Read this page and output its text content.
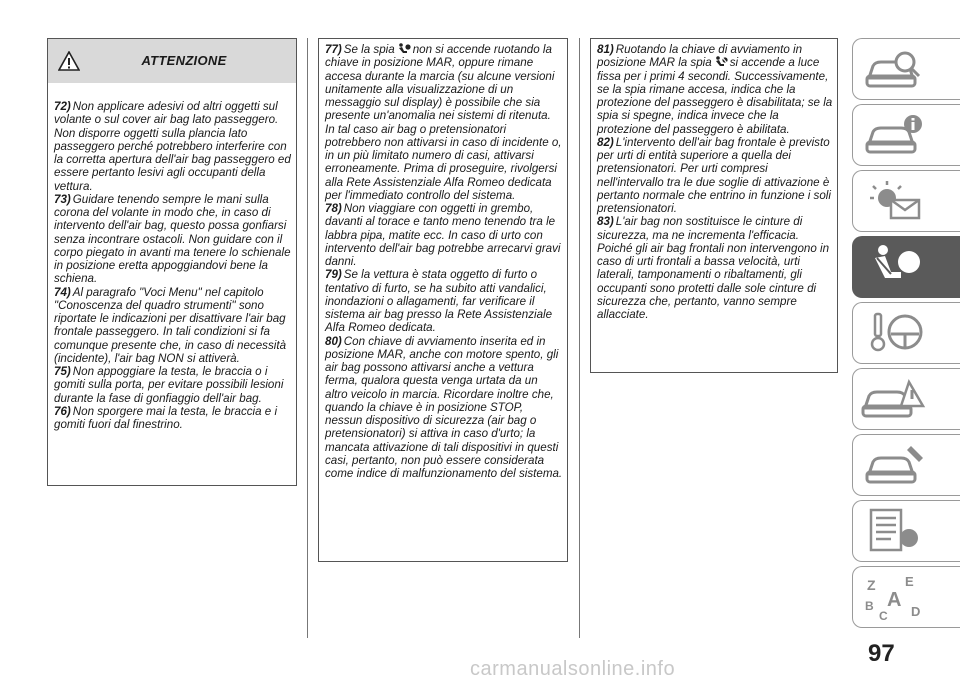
ATTENZIONE

72) Non applicare adesivi od altri oggetti sul volante o sul cover air bag lato passeggero. Non disporre oggetti sulla plancia lato passeggero perché potrebbero interferire con la corretta apertura dell'air bag passeggero ed essere pertanto lesivi agli occupanti della vettura.

73) Guidare tenendo sempre le mani sulla corona del volante in modo che, in caso di intervento dell'air bag, questo possa gonfiarsi senza incontrare ostacoli. Non guidare con il corpo piegato in avanti ma tenere lo schienale in posizione eretta appoggiandovi bene la schiena.

74) Al paragrafo "Voci Menu" nel capitolo "Conoscenza del quadro strumenti" sono riportate le indicazioni per disattivare l'air bag frontale passeggero. In tali condizioni si fa comunque presente che, in caso di necessità (incidente), l'air bag NON si attiverà.

75) Non appoggiare la testa, le braccia o i gomiti sulla porta, per evitare possibili lesioni durante la fase di gonfiaggio dell'air bag.

76) Non sporgere mai la testa, le braccia e i gomiti fuori dal finestrino.

77) Se la spia non si accende ruotando la chiave in posizione MAR, oppure rimane accesa durante la marcia (su alcune versioni unitamente alla visualizzazione di un messaggio sul display) è possibile che sia presente un'anomalia nei sistemi di ritenuta. In tal caso air bag o pretensionatori potrebbero non attivarsi in caso di incidente o, in un più limitato numero di casi, attivarsi erroneamente. Prima di proseguire, rivolgersi alla Rete Assistenziale Alfa Romeo dedicata per l'immediato controllo del sistema.

78) Non viaggiare con oggetti in grembo, davanti al torace e tanto meno tenendo tra le labbra pipa, matite ecc. In caso di urto con intervento dell'air bag potrebbe arrecarvi gravi danni.

79) Se la vettura è stata oggetto di furto o tentativo di furto, se ha subito atti vandalici, inondazioni o allagamenti, far verificare il sistema air bag presso la Rete Assistenziale Alfa Romeo dedicata.

80) Con chiave di avviamento inserita ed in posizione MAR, anche con motore spento, gli air bag possono attivarsi anche a vettura ferma, qualora questa venga urtata da un altro veicolo in marcia. Ricordare inoltre che, quando la chiave è in posizione STOP, nessun dispositivo di sicurezza (air bag o pretensionatori) si attiva in caso d'urto; la mancata attivazione di tali dispositivi in questi casi, pertanto, non può essere considerata come indice di malfunzionamento del sistema.

81) Ruotando la chiave di avviamento in posizione MAR la spia si accende a luce fissa per i primi 4 secondi. Successivamente, se la spia rimane accesa, indica che la protezione del passeggero è disabilitata; se la spia si spegne, indica invece che la protezione del passeggero è abilitata.

82) L'intervento dell'air bag frontale è previsto per urti di entità superiore a quella dei pretensionatori. Per urti compresi nell'intervallo tra le due soglie di attivazione è pertanto normale che entrino in funzione i soli pretensionatori.

83) L'air bag non sostituisce le cinture di sicurezza, ma ne incrementa l'efficacia. Poiché gli air bag frontali non intervengono in caso di urti frontali a bassa velocità, urti laterali, tamponamenti o ribaltamenti, gli occupanti sono protetti dalle sole cinture di sicurezza che, pertanto, vanno sempre allacciate.

Z E
B A
C D
97
carmanualsonline.info
